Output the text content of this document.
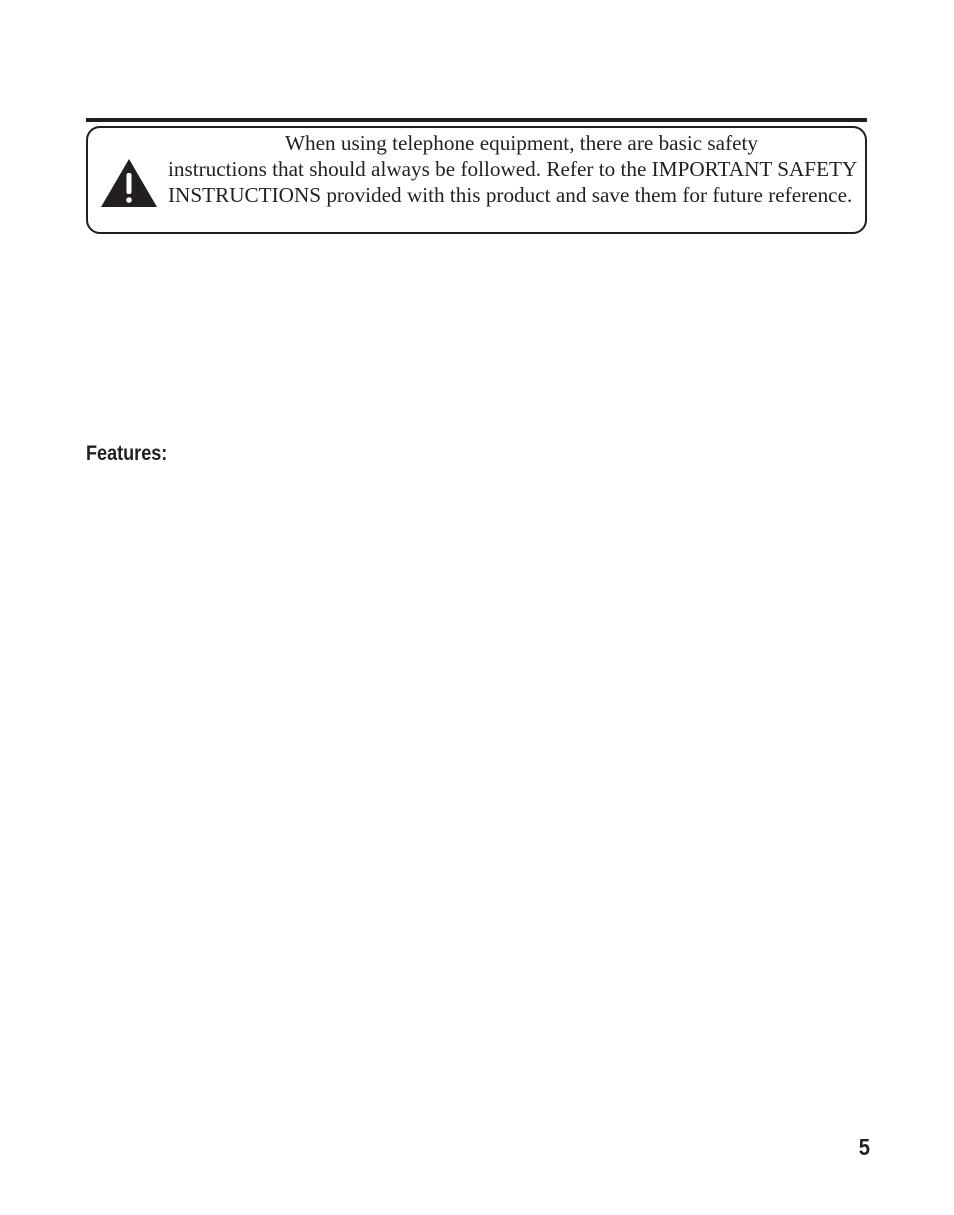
When using telephone equipment, there are basic safety instructions that should always be followed. Refer to the IMPORTANT SAFETY INSTRUCTIONS provided with this product and save them for future reference.

Features:

5
